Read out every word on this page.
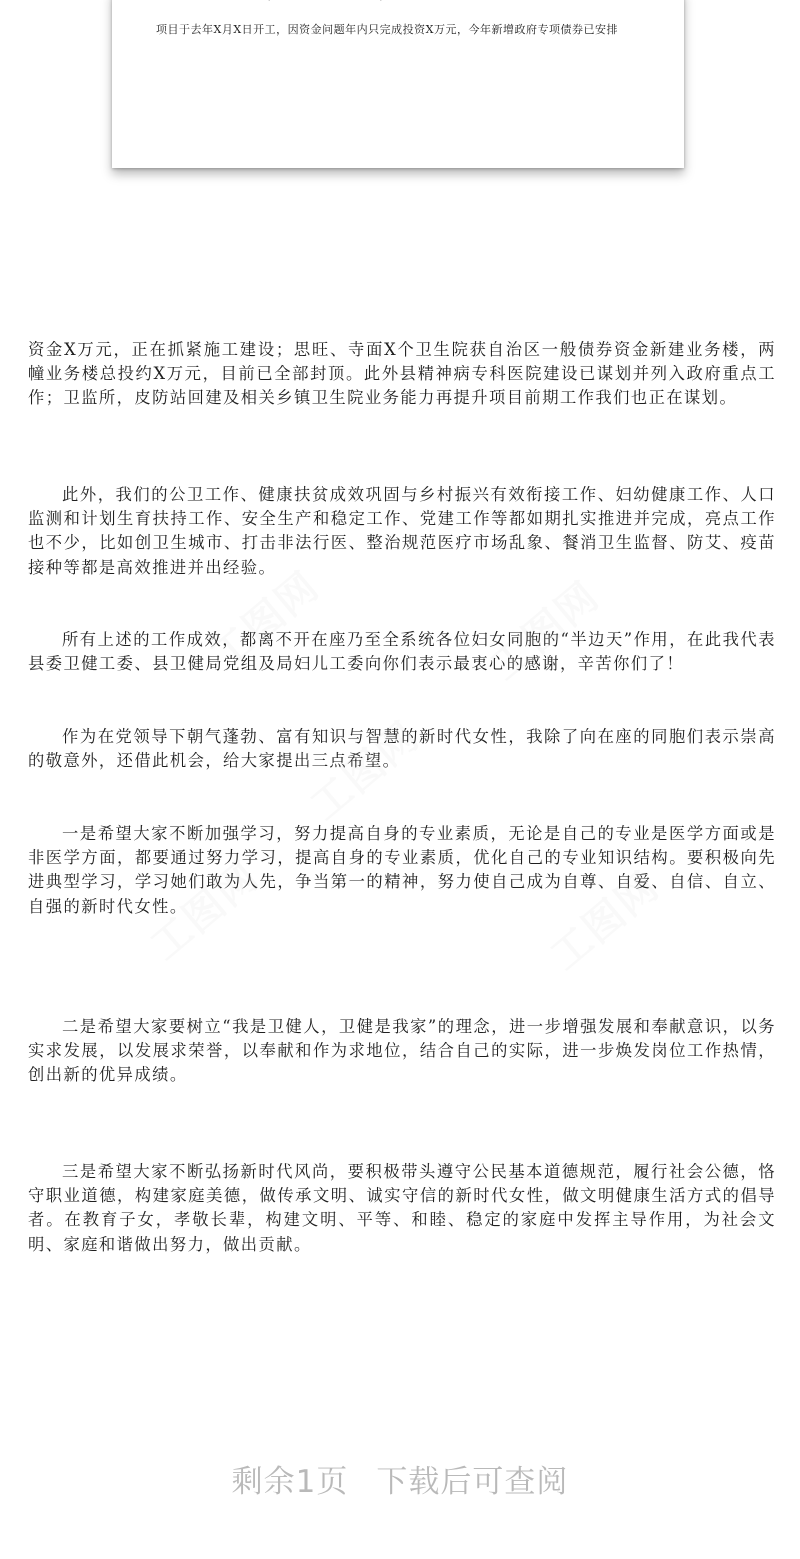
项目于去年X月X日开工，因资金问题年内只完成投资X万元，今年新增政府专项债券已安排

资金X万元，正在抓紧施工建设；思旺、寺面X个卫生院获自治区一般债券资金新建业务楼，两幢业务楼总投约X万元，目前已全部封顶。此外县精神病专科医院建设已谋划并列入政府重点工作；卫监所，皮防站回建及相关乡镇卫生院业务能力再提升项目前期工作我们也正在谋划。

此外，我们的公卫工作、健康扶贫成效巩固与乡村振兴有效衔接工作、妇幼健康工作、人口监测和计划生育扶持工作、安全生产和稳定工作、党建工作等都如期扎实推进并完成，亮点工作也不少，比如创卫生城市、打击非法行医、整治规范医疗市场乱象、餐消卫生监督、防艾、疫苗接种等都是高效推进并出经验。

所有上述的工作成效，都离不开在座乃至全系统各位妇女同胞的“半边天”作用，在此我代表县委卫健工委、县卫健局党组及局妇儿工委向你们表示最衷心的感谢，辛苦你们了！

作为在党领导下朝气蓬勃、富有知识与智慧的新时代女性，我除了向在座的同胞们表示崇高的敬意外，还借此机会，给大家提出三点希望。

一是希望大家不断加强学习，努力提高自身的专业素质，无论是自己的专业是医学方面或是非医学方面，都要通过努力学习，提高自身的专业素质，优化自己的专业知识结构。要积极向先进典型学习，学习她们敢为人先，争当第一的精神，努力使自己成为自尊、自爱、自信、自立、自强的新时代女性。

二是希望大家要树立“我是卫健人，卫健是我家”的理念，进一步增强发展和奉献意识，以务实求发展，以发展求荣誉，以奉献和作为求地位，结合自己的实际，进一步焕发岗位工作热情，创出新的优异成绩。

三是希望大家不断弘扬新时代风尚，要积极带头遵守公民基本道德规范，履行社会公德，恪守职业道德，构建家庭美德，做传承文明、诚实守信的新时代女性，做文明健康生活方式的倡导者。在教育子女，孝敬长辈，构建文明、平等、和睦、稳定的家庭中发挥主导作用，为社会文明、家庭和谐做出努力，做出贡献。

工图网	工图网
工图网
工图网	工图网
剩余1页 下载后可查阅
